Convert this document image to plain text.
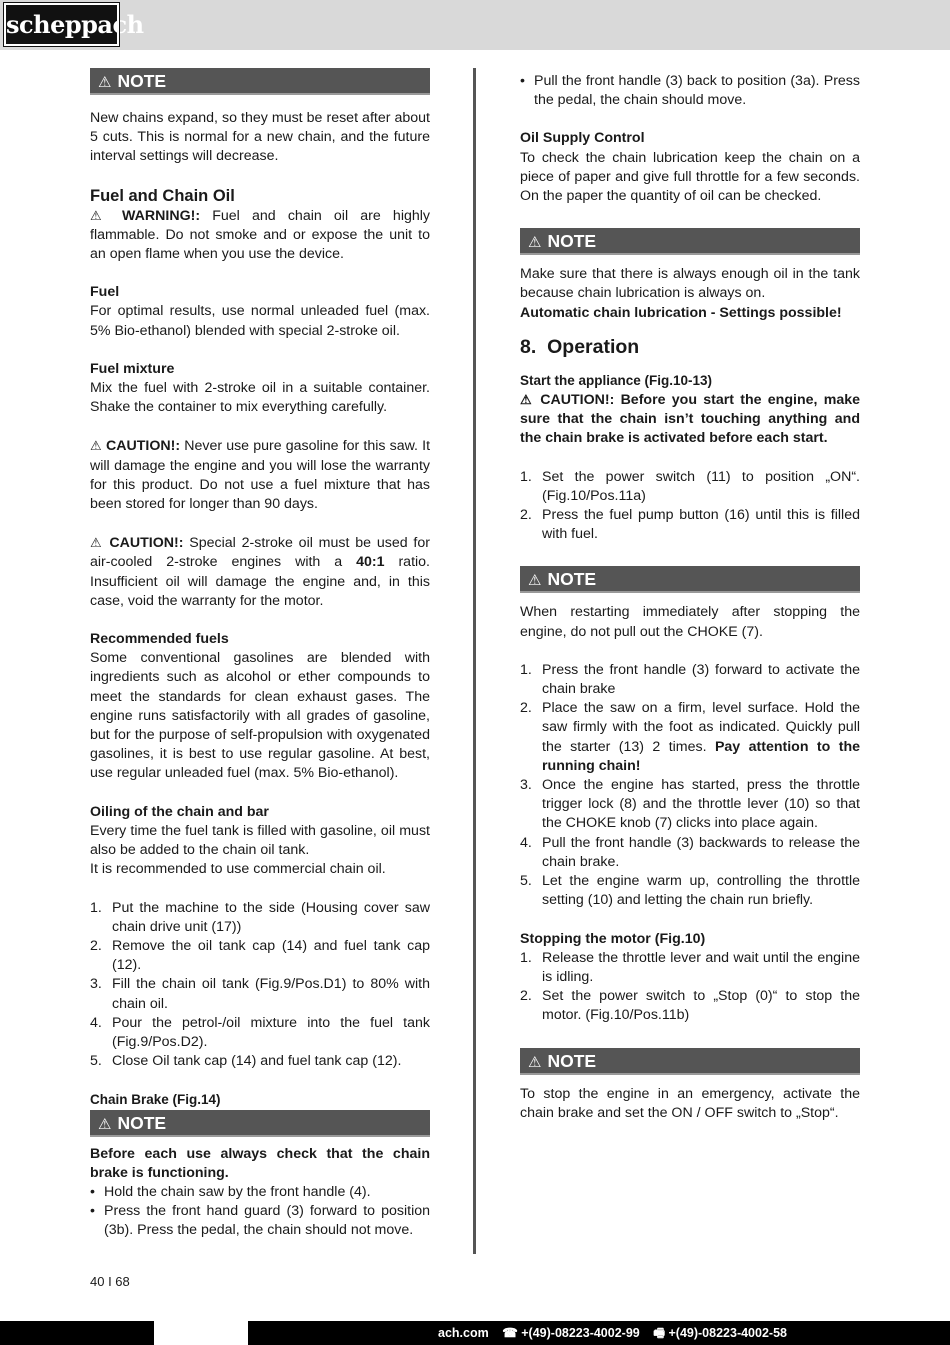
scheppach
⚠ NOTE

New chains expand, so they must be reset after about 5 cuts. This is normal for a new chain, and the future interval settings will decrease.

Fuel and Chain Oil

⚠ WARNING!: Fuel and chain oil are highly flammable. Do not smoke and or expose the unit to an open flame when you use the device.

Fuel

For optimal results, use normal unleaded fuel (max. 5% Bio-ethanol) blended with special 2-stroke oil.

Fuel mixture

Mix the fuel with 2-stroke oil in a suitable container. Shake the container to mix everything carefully.

⚠ CAUTION!: Never use pure gasoline for this saw. It will damage the engine and you will lose the warranty for this product. Do not use a fuel mixture that has been stored for longer than 90 days.

⚠ CAUTION!: Special 2-stroke oil must be used for air-cooled 2-stroke engines with a 40:1 ratio. Insufficient oil will damage the engine and, in this case, void the warranty for the motor.

Recommended fuels

Some conventional gasolines are blended with ingredients such as alcohol or ether compounds to meet the standards for clean exhaust gases. The engine runs satisfactorily with all grades of gasoline, but for the purpose of self-propulsion with oxygenated gasolines, it is best to use regular gasoline. At best, use regular unleaded fuel (max. 5% Bio-ethanol).

Oiling of the chain and bar

Every time the fuel tank is filled with gasoline, oil must also be added to the chain oil tank.

It is recommended to use commercial chain oil.

1. Put the machine to the side (Housing cover saw chain drive unit (17))
2. Remove the oil tank cap (14) and fuel tank cap (12).
3. Fill the chain oil tank (Fig.9/Pos.D1) to 80% with chain oil.
4. Pour the petrol-/oil mixture into the fuel tank (Fig.9/Pos.D2).
5. Close Oil tank cap (14) and fuel tank cap (12).
Chain Brake (Fig.14)
⚠ NOTE

Before each use always check that the chain brake is functioning.

• Hold the chain saw by the front handle (4).
• Press the front hand guard (3) forward to position (3b). Press the pedal, the chain should not move.
• Pull the front handle (3) back to position (3a). Press the pedal, the chain should move.
Oil Supply Control

To check the chain lubrication keep the chain on a piece of paper and give full throttle for a few seconds. On the paper the quantity of oil can be checked.

⚠ NOTE

Make sure that there is always enough oil in the tank because chain lubrication is always on.

Automatic chain lubrication - Settings possible!

8. Operation
Start the appliance (Fig.10-13)

⚠ CAUTION!: Before you start the engine, make sure that the chain isn’t touching anything and the chain brake is activated before each start.

1. Set the power switch (11) to position „ON“. (Fig.10/Pos.11a)
2. Press the fuel pump button (16) until this is filled with fuel.
⚠ NOTE

When restarting immediately after stopping the engine, do not pull out the CHOKE (7).

1. Press the front handle (3) forward to activate the chain brake
2. Place the saw on a firm, level surface. Hold the saw firmly with the foot as indicated. Quickly pull the starter (13) 2 times. Pay attention to the running chain!
3. Once the engine has started, press the throttle trigger lock (8) and the throttle lever (10) so that the CHOKE knob (7) clicks into place again.
4. Pull the front handle (3) backwards to release the chain brake.
5. Let the engine warm up, controlling the throttle setting (10) and letting the chain run briefly.
Stopping the motor (Fig.10)
1. Release the throttle lever and wait until the engine is idling.
2. Set the power switch to „Stop (0)“ to stop the motor. (Fig.10/Pos.11b)
⚠ NOTE

To stop the engine in an emergency, activate the chain brake and set the ON / OFF switch to „Stop“.

40 I 68
ach.com ☎ +(49)-08223-4002-99 🖷 +(49)-08223-4002-58
